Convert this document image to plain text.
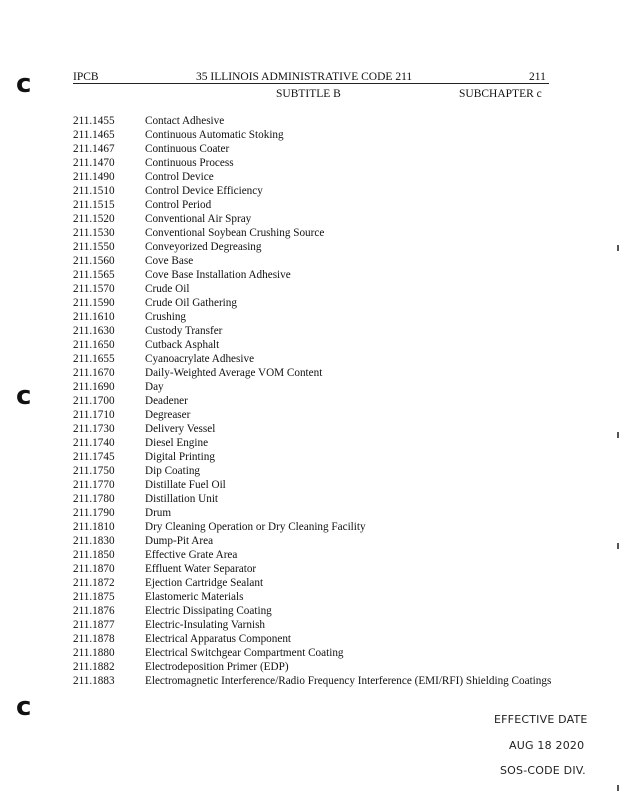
c
c
c
IPCB	35 ILLINOIS ADMINISTRATIVE CODE 211	211
SUBTITLE B	SUBCHAPTER c
211.1455	Contact Adhesive
211.1465	Continuous Automatic Stoking
211.1467	Continuous Coater
211.1470	Continuous Process
211.1490	Control Device
211.1510	Control Device Efficiency
211.1515	Control Period
211.1520	Conventional Air Spray
211.1530	Conventional Soybean Crushing Source
211.1550	Conveyorized Degreasing
211.1560	Cove Base
211.1565	Cove Base Installation Adhesive
211.1570	Crude Oil
211.1590	Crude Oil Gathering
211.1610	Crushing
211.1630	Custody Transfer
211.1650	Cutback Asphalt
211.1655	Cyanoacrylate Adhesive
211.1670	Daily-Weighted Average VOM Content
211.1690	Day
211.1700	Deadener
211.1710	Degreaser
211.1730	Delivery Vessel
211.1740	Diesel Engine
211.1745	Digital Printing
211.1750	Dip Coating
211.1770	Distillate Fuel Oil
211.1780	Distillation Unit
211.1790	Drum
211.1810	Dry Cleaning Operation or Dry Cleaning Facility
211.1830	Dump-Pit Area
211.1850	Effective Grate Area
211.1870	Effluent Water Separator
211.1872	Ejection Cartridge Sealant
211.1875	Elastomeric Materials
211.1876	Electric Dissipating Coating
211.1877	Electric-Insulating Varnish
211.1878	Electrical Apparatus Component
211.1880	Electrical Switchgear Compartment Coating
211.1882	Electrodeposition Primer (EDP)
211.1883	Electromagnetic Interference/Radio Frequency Interference (EMI/RFI) Shielding Coatings
EFFECTIVE DATE
AUG 18 2020
SOS-CODE DIV.
